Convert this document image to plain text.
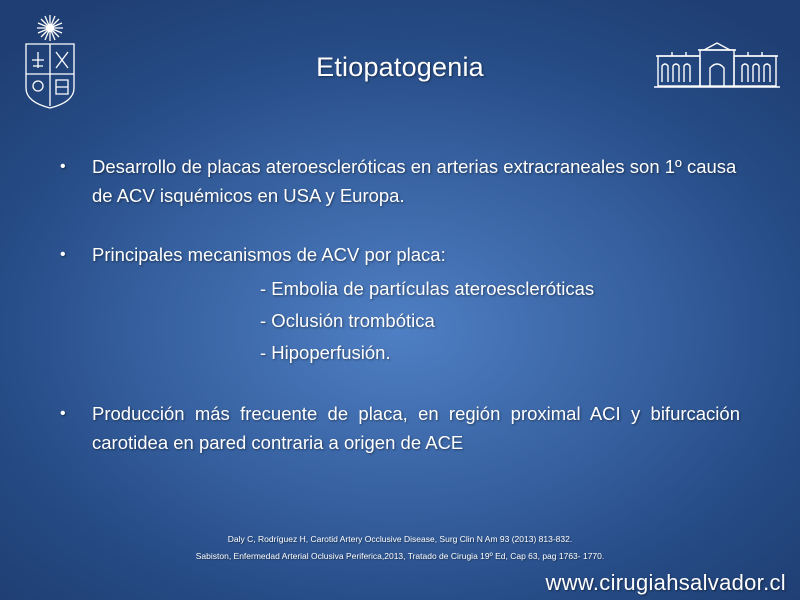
Etiopatogenia
• Desarrollo de placas ateroescleróticas en arterias extracraneales son 1º causa de ACV isquémicos en USA y Europa.
• Principales mecanismos de ACV por placa:
- Embolia de partículas ateroescleróticas
- Oclusión trombótica
- Hipoperfusión.
• Producción más frecuente de placa, en región proximal ACI y bifurcación carotidea en pared contraria a origen de ACE
Daly C, Rodríguez H, Carotid Artery Occlusive Disease, Surg Clin N Am 93 (2013) 813-832.
Sabiston, Enfermedad Arterial Oclusiva Periferica,2013, Tratado de Cirugia 19º Ed, Cap 63, pag 1763- 1770.
www.cirugiahsalvador.cl
